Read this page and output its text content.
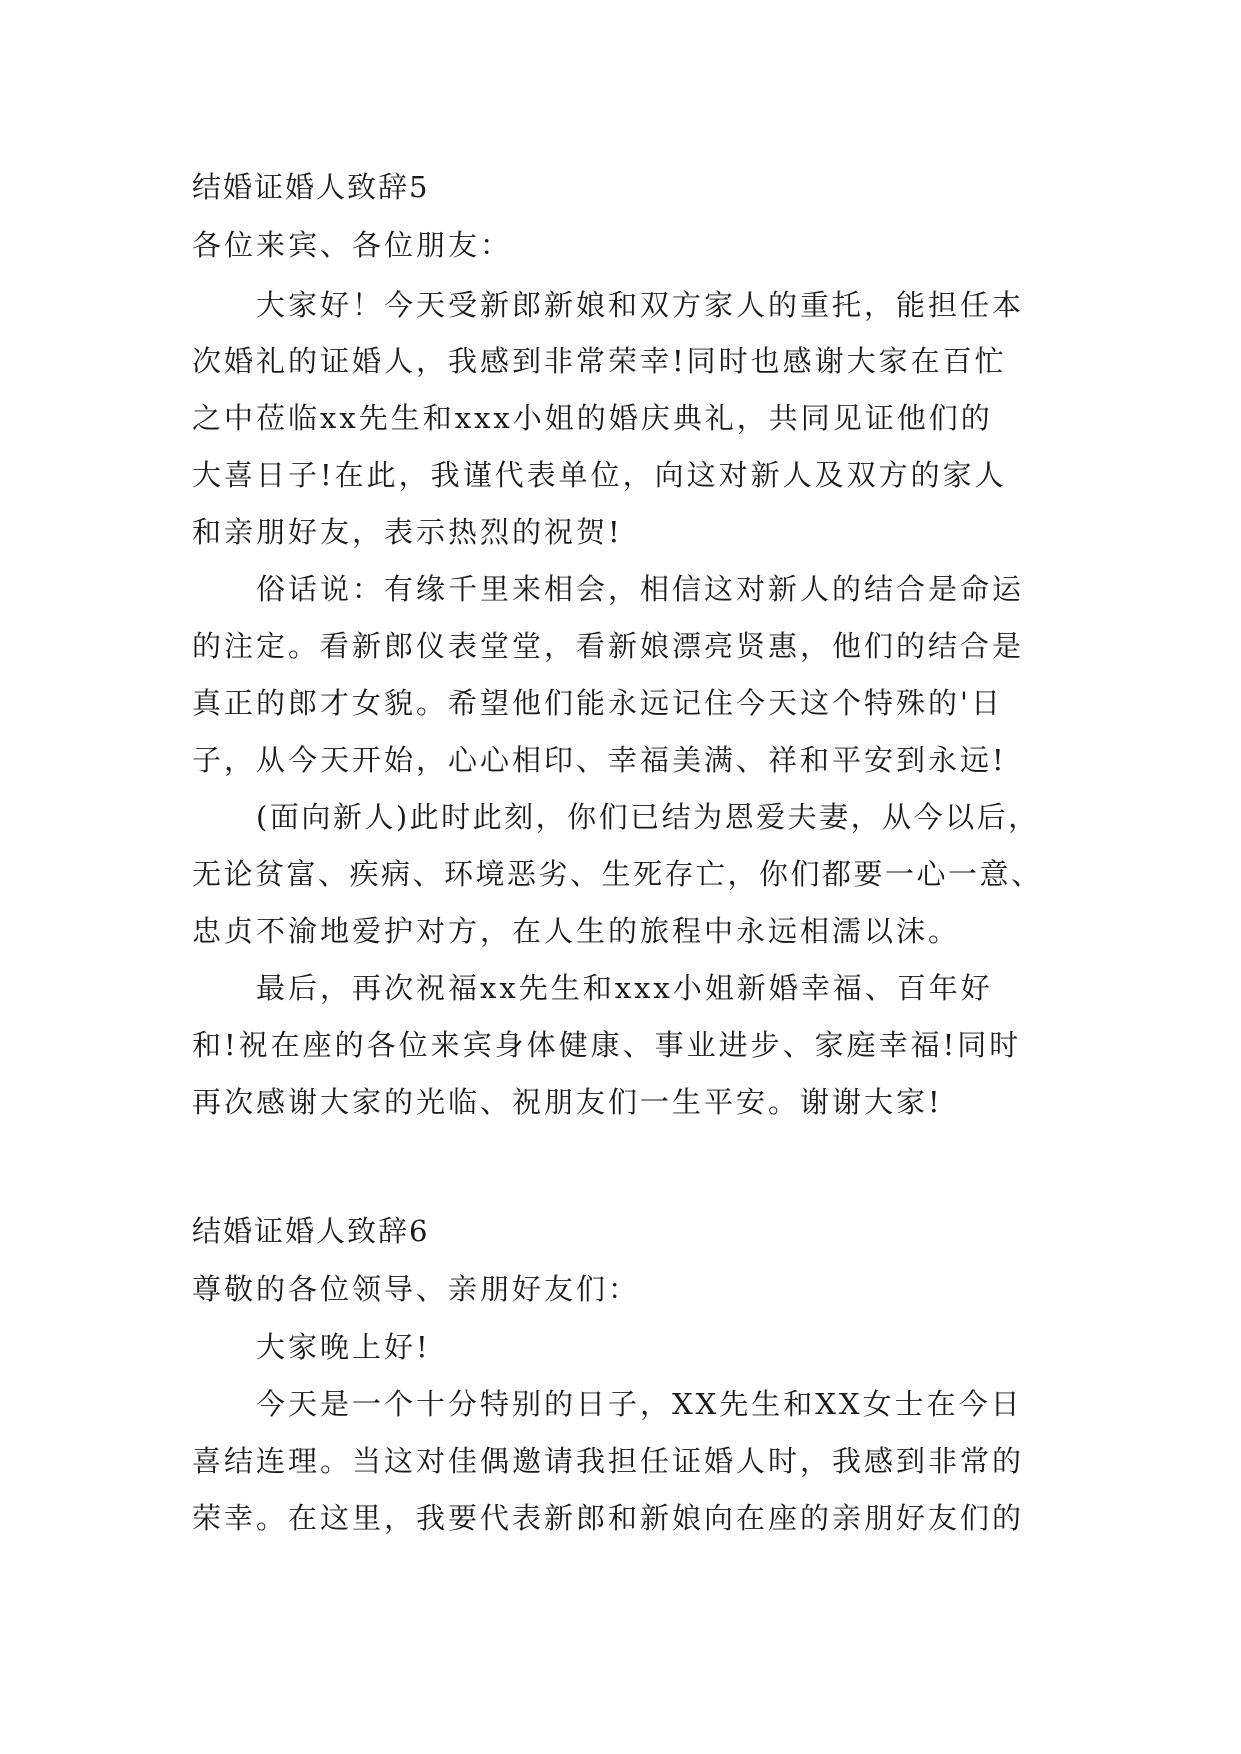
结婚证婚人致辞5

各位来宾、各位朋友：

大家好！今天受新郎新娘和双方家人的重托，能担任本

次婚礼的证婚人，我感到非常荣幸!同时也感谢大家在百忙

之中莅临xx先生和xxx小姐的婚庆典礼，共同见证他们的

大喜日子!在此，我谨代表单位，向这对新人及双方的家人

和亲朋好友，表示热烈的祝贺!

俗话说：有缘千里来相会，相信这对新人的结合是命运

的注定。看新郎仪表堂堂，看新娘漂亮贤惠，他们的结合是

真正的郎才女貌。希望他们能永远记住今天这个特殊的'日

子，从今天开始，心心相印、幸福美满、祥和平安到永远!

(面向新人)此时此刻，你们已结为恩爱夫妻，从今以后，

无论贫富、疾病、环境恶劣、生死存亡，你们都要一心一意、

忠贞不渝地爱护对方，在人生的旅程中永远相濡以沫。

最后，再次祝福xx先生和xxx小姐新婚幸福、百年好

和!祝在座的各位来宾身体健康、事业进步、家庭幸福!同时

再次感谢大家的光临、祝朋友们一生平安。谢谢大家!

结婚证婚人致辞6

尊敬的各位领导、亲朋好友们：

大家晚上好!

今天是一个十分特别的日子，XX先生和XX女士在今日

喜结连理。当这对佳偶邀请我担任证婚人时，我感到非常的

荣幸。在这里，我要代表新郎和新娘向在座的亲朋好友们的
